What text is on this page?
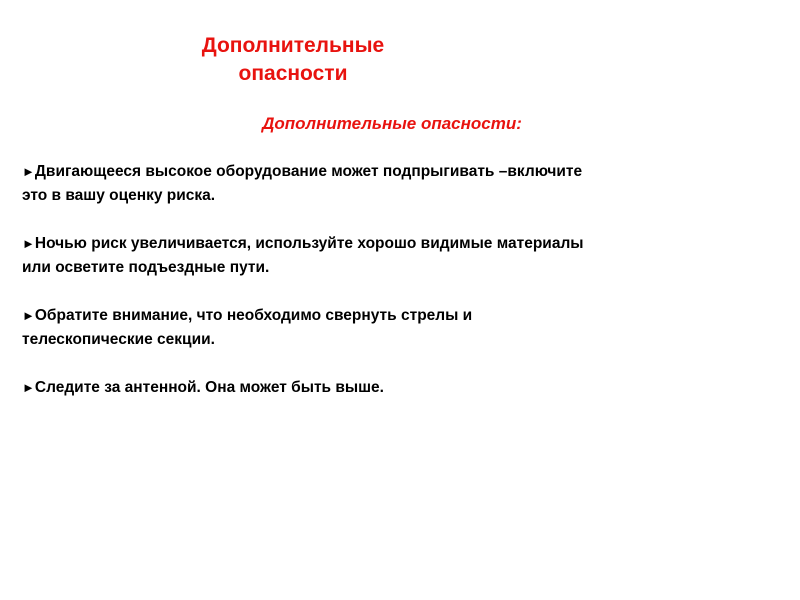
Дополнительные
опасности
Дополнительные опасности:
►Двигающееся высокое оборудование может подпрыгивать –включите
это в вашу оценку риска.
►Ночью риск увеличивается, используйте хорошо видимые материалы
или осветите подъездные пути.
►Обратите внимание, что необходимо свернуть стрелы и
телескопические секции.
►Следите за антенной. Она может быть выше.
